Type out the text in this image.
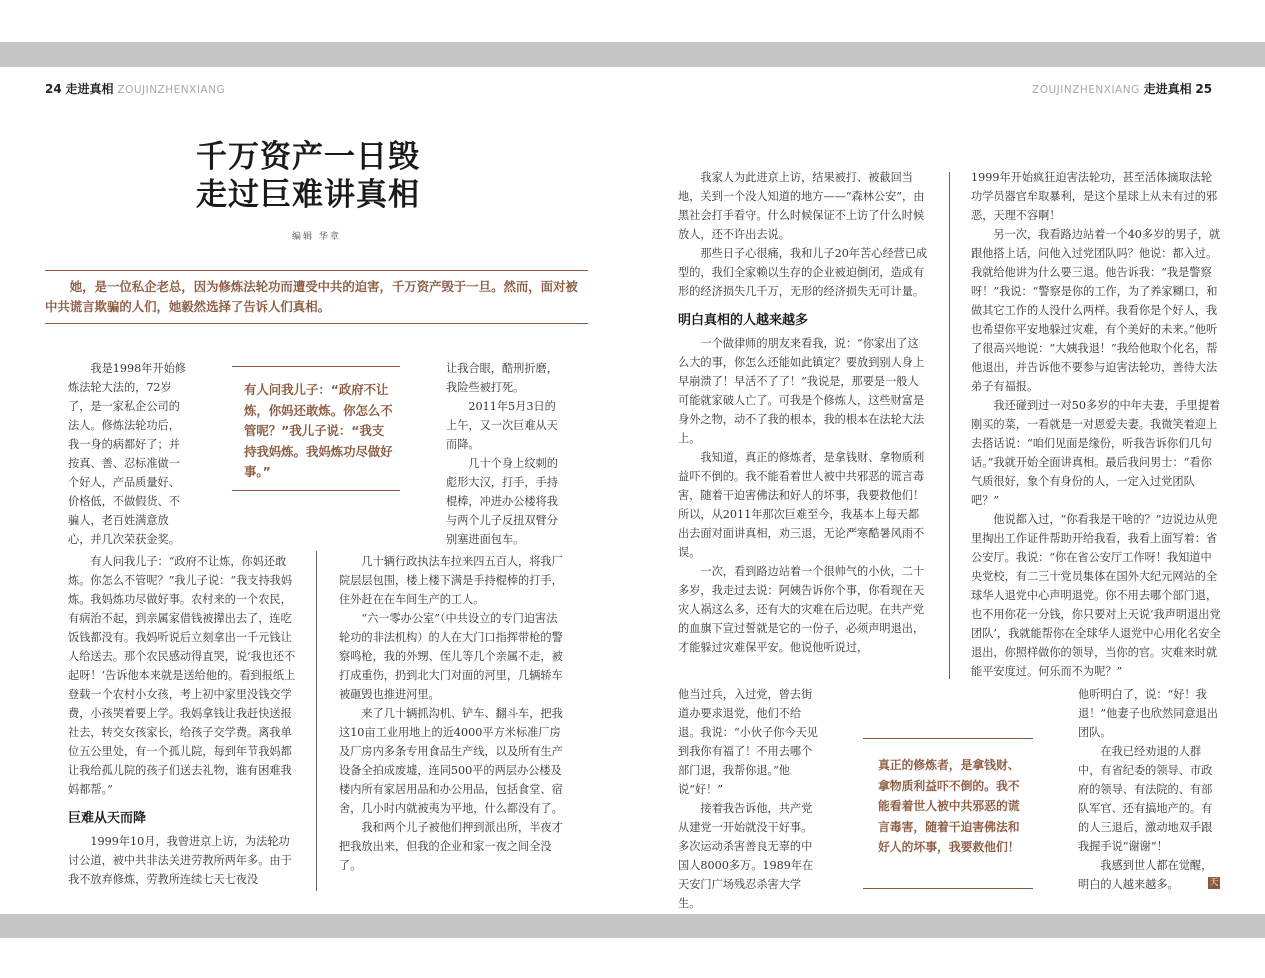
24 走进真相 ZOUJINZHENXIANG	ZOUJINZHENXIANG 走进真相 25
千万资产一日毁
走过巨难讲真相
编辑 华章
她，是一位私企老总，因为修炼法轮功而遭受中共的迫害，千万资产毁于一旦。然而，面对被中共谎言欺骗的人们，她毅然选择了告诉人们真相。
有人问我儿子：“政府不让炼，你妈还敢炼。你怎么不管呢？”我儿子说：“我支持我妈炼。我妈炼功尽做好事。”

我是1998年开始修炼法轮大法的，72岁了，是一家私企公司的法人。修炼法轮功后，我一身的病都好了；并按真、善、忍标准做一个好人，产品质量好、价格低，不做假货、不骗人，老百姓满意放心，并几次荣获金奖。

有人问我儿子：“政府不让炼，你妈还敢炼。你怎么不管呢？”我儿子说：“我支持我妈炼。我妈炼功尽做好事。农村来的一个农民，有病治不起，到亲属家借钱被撵出去了，连吃饭钱都没有。我妈听说后立刻拿出一千元钱让人给送去。那个农民感动得直哭，说‘我也还不起呀！’告诉他本来就是送给他的。看到报纸上登载一个农村小女孩，考上初中家里没钱交学费，小孩哭着要上学。我妈拿钱让我赶快送报社去，转交女孩家长，给孩子交学费。离我单位五公里处，有一个孤儿院，每到年节我妈都让我给孤儿院的孩子们送去礼物，谁有困难我妈都帮。”

巨难从天而降

1999年10月，我曾进京上访，为法轮功讨公道，被中共非法关进劳教所两年多。由于我不放弃修炼，劳教所连续七天七夜没

让我合眼，酷刑折磨，我险些被打死。

2011年5月3日的上午，又一次巨难从天而降。

几十个身上纹刺的彪形大汉，打手，手持棍棒，冲进办公楼将我与两个儿子反扭双臂分别塞进面包车。

几十辆行政执法车拉来四五百人，将我厂院层层包围，楼上楼下满是手持棍棒的打手，住外赶在在车间生产的工人。

“六一零办公室”（中共设立的专门迫害法轮功的非法机构）的人在大门口指挥带枪的警察鸣枪，我的外甥、侄儿等几个亲属不走，被打成重伤，扔到北大门对面的河里，几辆轿车被砸毁也推进河里。

来了几十辆抓沟机、铲车、翻斗车，把我这10亩工业用地上的近4000平方米标准厂房及厂房内多条专用食品生产线，以及所有生产设备全拍成废墟，连同500平的两层办公楼及楼内所有家居用品和办公用品，包括食堂、宿舍，几小时内就被夷为平地，什么都没有了。

我和两个儿子被他们押到派出所，半夜才把我放出来，但我的企业和家一夜之间全没了。

我家人为此进京上访，结果被打、被截回当地，关到一个没人知道的地方——“森林公安”，由黑社会打手看守。什么时候保证不上访了什么时候放人，还不许出去说。

那些日子心很痛，我和儿子20年苦心经营已成型的，我们全家赖以生存的企业被迫倒闭，造成有形的经济损失几千万，无形的经济损失无可计量。

明白真相的人越来越多

一个做律师的朋友来看我，说：“你家出了这么大的事，你怎么还能如此镇定？要放到别人身上早崩溃了！早活不了了！”我说是，那要是一般人可能就家破人亡了。可我是个修炼人，这些财富是身外之物，动不了我的根本，我的根本在法轮大法上。

我知道，真正的修炼者，是拿钱财、拿物质利益吓不倒的。我不能看着世人被中共邪恶的谎言毒害，随着干迫害佛法和好人的坏事，我要救他们！所以，从2011年那次巨难至今，我基本上每天都出去面对面讲真相，劝三退，无论严寒酷暑风雨不误。

一次，看到路边站着一个很帅气的小伙，二十多岁，我走过去说：阿姨告诉你个事，你看现在天灾人祸这么多，还有大的灾难在后边呢。在共产党的血旗下宣过誓就是它的一份子，必须声明退出，才能躲过灾难保平安。他说他听说过，

他当过兵，入过党，曾去街道办要求退党，他们不给退。我说：“小伙子你今天见到我你有福了！不用去哪个部门退，我帮你退。”他说“好！”

接着我告诉他，共产党从建党一开始就没干好事。多次运动杀害善良无辜的中国人8000多万。1989年在天安门广场残忍杀害大学生。

1999年开始疯狂迫害法轮功，甚至活体摘取法轮功学员器官牟取暴利，是这个星球上从未有过的邪恶，天理不容啊！

另一次，我看路边站着一个40多岁的男子，就跟他搭上话，问他入过党团队吗？他说：都入过。我就给他讲为什么要三退。他告诉我：“我是警察呀！”我说：“警察是你的工作，为了养家糊口，和做其它工作的人没什么两样。我看你是个好人，我也希望你平安地躲过灾难，有个美好的未来。”他听了很高兴地说：“大姨我退！”我给他取个化名，帮他退出，并告诉他不要参与迫害法轮功，善待大法弟子有福报。

我还碰到过一对50多岁的中年夫妻，手里提着刚买的菜，一看就是一对恩爱夫妻。我微笑着迎上去搭话说：“咱们见面是缘份，听我告诉你们几句话。”我就开始全面讲真相。最后我问男士：“看你气质很好，象个有身份的人，一定入过党团队吧？”

他说都入过，“你看我是干啥的？”边说边从兜里掏出工作证件帮助开给我看，我看上面写着：省公安厅。我说：“你在省公安厅工作呀！我知道中央党校，有二三十党员集体在国外大纪元网站的全球华人退党中心声明退党。你不用去哪个部门退，也不用你花一分钱，你只要对上天说‘我声明退出党团队’，我就能帮你在全球华人退党中心用化名安全退出，你照样做你的领导，当你的官。灾难来时就能平安度过。何乐而不为呢？”

他听明白了，说：“好！我退！”他妻子也欣然同意退出团队。

在我已经劝退的人群中，有省纪委的领导、市政府的领导、有法院的、有部队军官、还有搞地产的。有的人三退后，激动地双手跟我握手说“谢谢”！

我感到世人都在觉醒，明白的人越来越多。

真正的修炼者，是拿钱财、拿物质利益吓不倒的。我不能看着世人被中共邪恶的谎言毒害，随着干迫害佛法和好人的坏事，我要救他们！
天
